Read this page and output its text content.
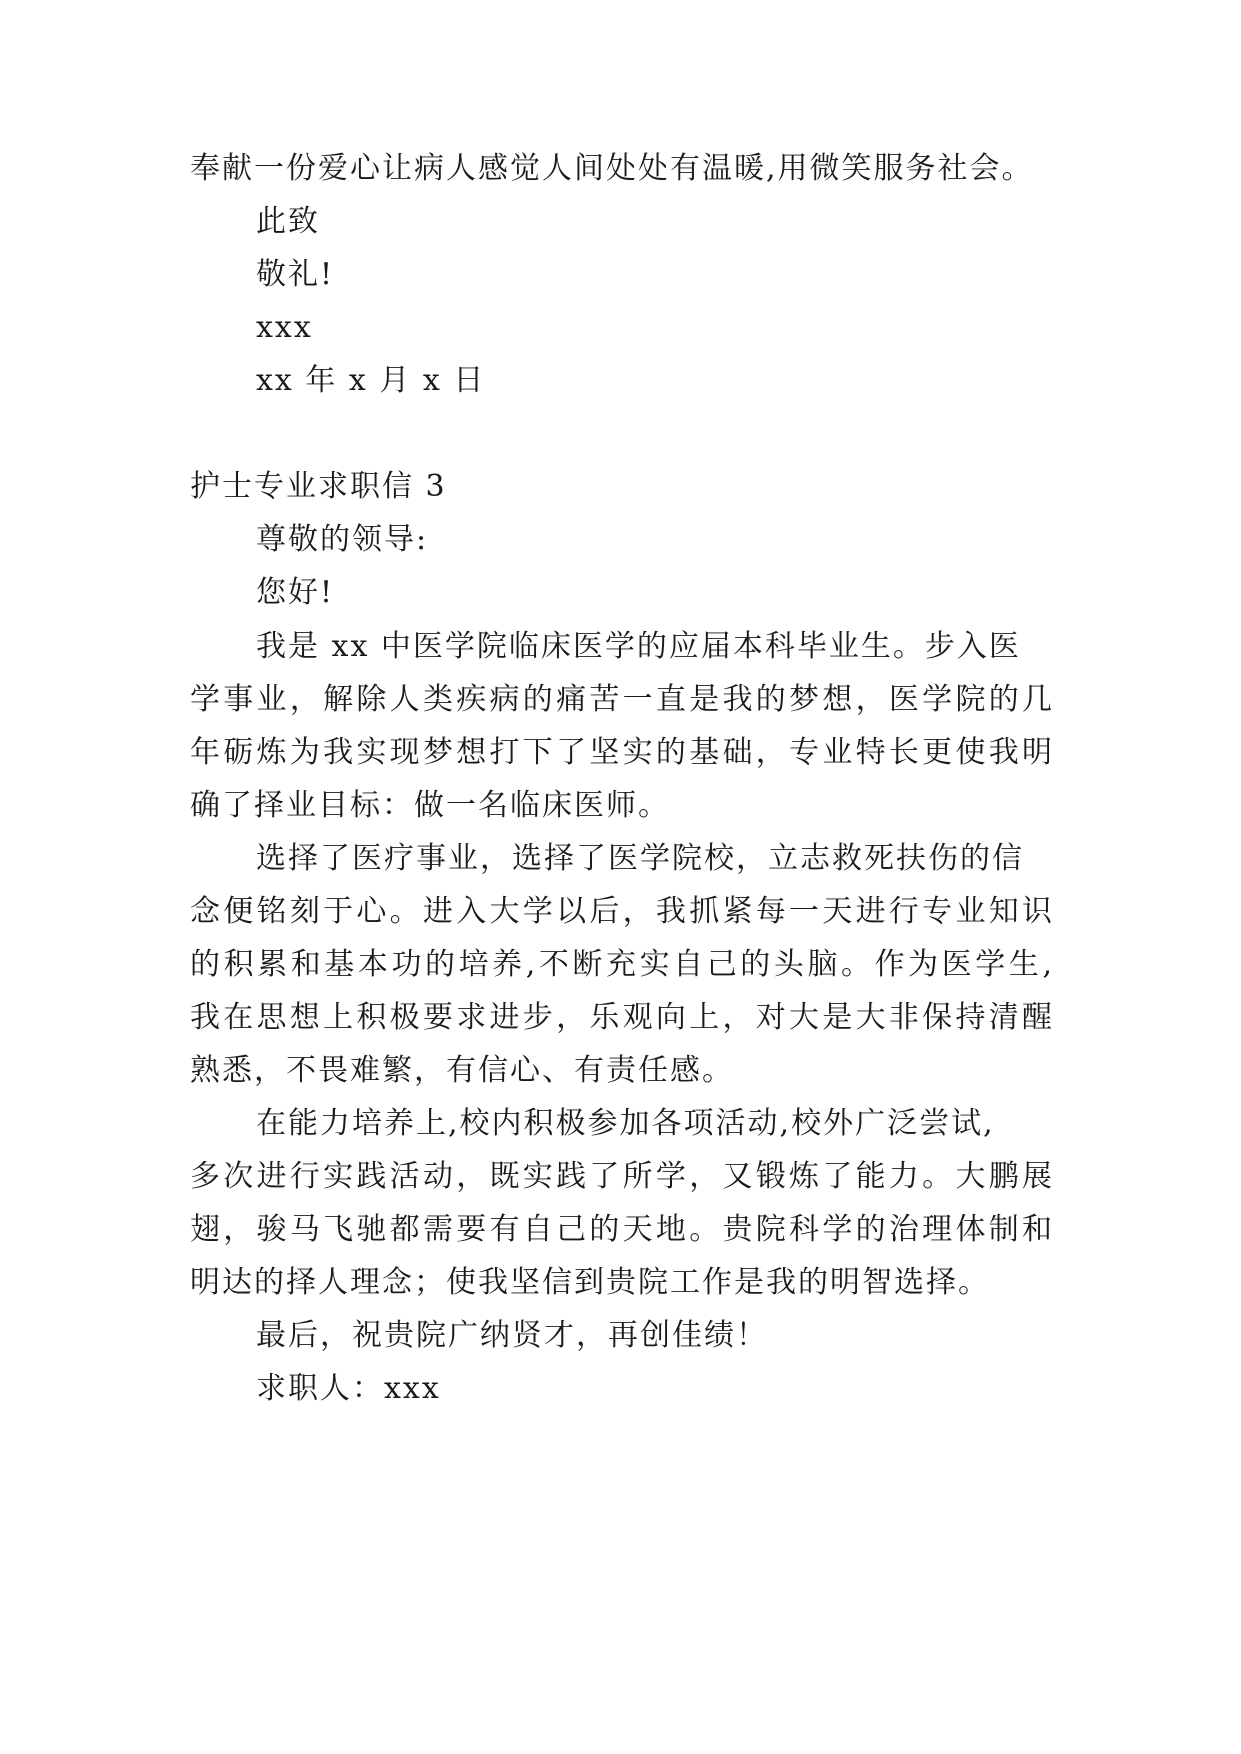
奉献一份爱心让病人感觉人间处处有温暖,用微笑服务社会。

此致

敬礼!

xxx

xx 年 x 月 x 日

护士专业求职信 3

尊敬的领导:

您好!

我是 xx 中医学院临床医学的应届本科毕业生。步入医

学事业，解除人类疾病的痛苦一直是我的梦想，医学院的几

年砺炼为我实现梦想打下了坚实的基础，专业特长更使我明

确了择业目标：做一名临床医师。

选择了医疗事业，选择了医学院校，立志救死扶伤的信

念便铭刻于心。进入大学以后，我抓紧每一天进行专业知识

的积累和基本功的培养,不断充实自己的头脑。作为医学生,

我在思想上积极要求进步，乐观向上，对大是大非保持清醒

熟悉，不畏难繁，有信心、有责任感。

在能力培养上,校内积极参加各项活动,校外广泛尝试,

多次进行实践活动，既实践了所学，又锻炼了能力。大鹏展

翅，骏马飞驰都需要有自己的天地。贵院科学的治理体制和

明达的择人理念；使我坚信到贵院工作是我的明智选择。

最后，祝贵院广纳贤才，再创佳绩！

求职人：xxx
